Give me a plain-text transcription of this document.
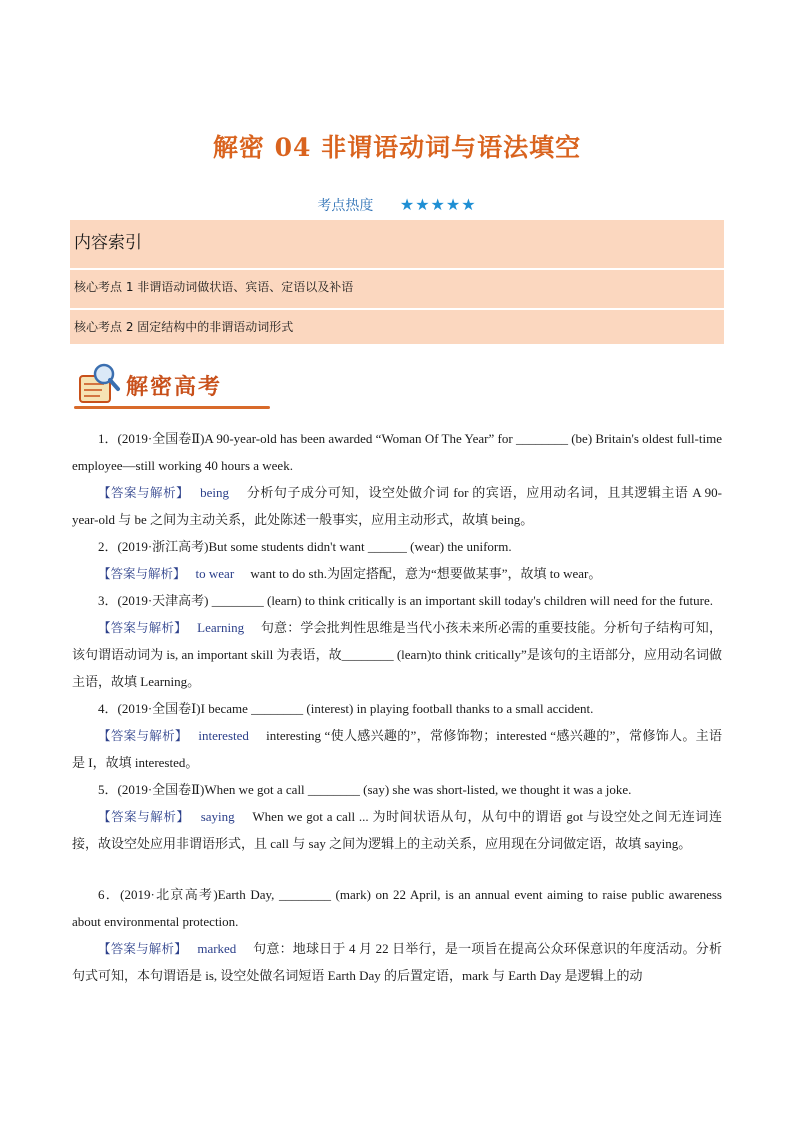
解密 04 非谓语动词与语法填空
考点热度 ★★★★★
内容索引
核心考点 1 非谓语动词做状语、宾语、定语以及补语
核心考点 2 固定结构中的非谓语动词形式
解密高考

1．(2019·全国卷Ⅱ)A 90-year-old has been awarded “Woman Of The Year” for ________ (be) Britain's oldest full-time employee—still working 40 hours a week.

【答案与解析】　 being　 分析句子成分可知，设空处做介词 for 的宾语，应用动名词，且其逻辑主语 A 90-year-old 与 be 之间为主动关系，此处陈述一般事实，应用主动形式，故填 being。

2．(2019·浙江高考)But some students didn't want ______ (wear) the uniform.

【答案与解析】　 to wear　 want to do sth.为固定搭配，意为“想要做某事”，故填 to wear。

3．(2019·天津高考) ________ (learn) to think critically is an important skill today's children will need for the future.

【答案与解析】　 Learning　 句意：学会批判性思维是当代小孩未来所必需的重要技能。分析句子结构可知，该句谓语动词为 is, an important skill 为表语，故________ (learn)to think critically”是该句的主语部分，应用动名词做主语，故填 Learning。

4．(2019·全国卷Ⅰ)I became ________ (interest) in playing football thanks to a small accident.

【答案与解析】　 interested　 interesting “使人感兴趣的”，常修饰物；interested “感兴趣的”，常修饰人。主语是 I，故填 interested。

5．(2019·全国卷Ⅱ)When we got a call ________ (say) she was short-listed, we thought it was a joke.

【答案与解析】　 saying　 When we got a call ... 为时间状语从句，从句中的谓语 got 与设空处之间无连词连接，故设空处应用非谓语形式，且 call 与 say 之间为逻辑上的主动关系，应用现在分词做定语，故填 saying。

6．(2019·北京高考)Earth Day, ________ (mark) on 22 April, is an annual event aiming to raise public awareness about environmental protection.

【答案与解析】　 marked　 句意：地球日于 4 月 22 日举行，是一项旨在提高公众环保意识的年度活动。分析句式可知，本句谓语是 is, 设空处做名词短语 Earth Day 的后置定语，mark 与 Earth Day 是逻辑上的动
